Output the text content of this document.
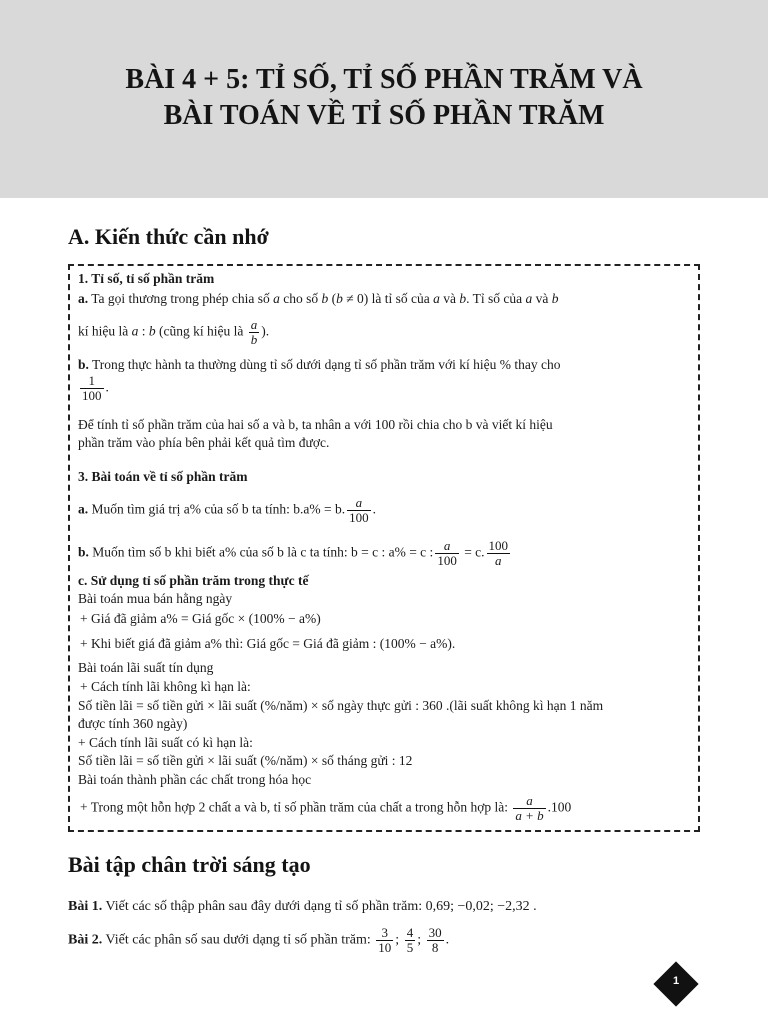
BÀI 4 + 5: TỈ SỐ, TỈ SỐ PHẦN TRĂM VÀ
BÀI TOÁN VỀ TỈ SỐ PHẦN TRĂM
A. Kiến thức cần nhớ
1. Tỉ số, tỉ số phần trăm
a. Ta gọi thương trong phép chia số a cho số b (b ≠ 0) là tỉ số của a và b. Tỉ số của a và b
kí hiệu là a : b (cũng kí hiệu là $\frac{a}{b}$ ).
b. Trong thực hành ta thường dùng tỉ số dưới dạng tỉ số phần trăm với kí hiệu % thay cho
$\frac{1}{100}$ .
Để tính tỉ số phần trăm của hai số a và b, ta nhân a với 100 rồi chia cho b và viết kí hiệu
phần trăm vào phía bên phải kết quả tìm được.
3. Bài toán về tỉ số phần trăm
a. Muốn tìm giá trị a% của số b ta tính: b.a% = b. $\frac{a}{100}$ .
b. Muốn tìm số b khi biết a% của số b là c ta tính: b = c : a% = c : $\frac{a}{100} = c$. $\frac{100}{a}$
c. Sử dụng tỉ số phần trăm trong thực tế
Bài toán mua bán hằng ngày
+ Giá đã giảm a% = Giá gốc × (100% − a%)
+ Khi biết giá đã giảm a% thì: Giá gốc = Giá đã giảm : (100% − a%).
Bài toán lãi suất tín dụng
+ Cách tính lãi không kì hạn là:
Số tiền lãi = số tiền gửi × lãi suất (%/năm) × số ngày thực gửi : 360 .(lãi suất không kì hạn 1 năm
được tính 360 ngày)
+ Cách tính lãi suất có kì hạn là:
Số tiền lãi = số tiền gửi × lãi suất (%/năm) × số tháng gửi : 12
Bài toán thành phần các chất trong hóa học
+ Trong một hỗn hợp 2 chất a và b, tỉ số phần trăm của chất a trong hỗn hợp là: $\frac{a}{a + b} .100$
Bài tập chân trời sáng tạo
Bài 1. Viết các số thập phân sau đây dưới dạng tỉ số phần trăm: 0,69; −0,02; −2,32 .
Bài 2. Viết các phân số sau dưới dạng tỉ số phần trăm: $\frac{3}{10}$ ; $\frac{4}{5}$ ; $\frac{30}{8}$ .
1
